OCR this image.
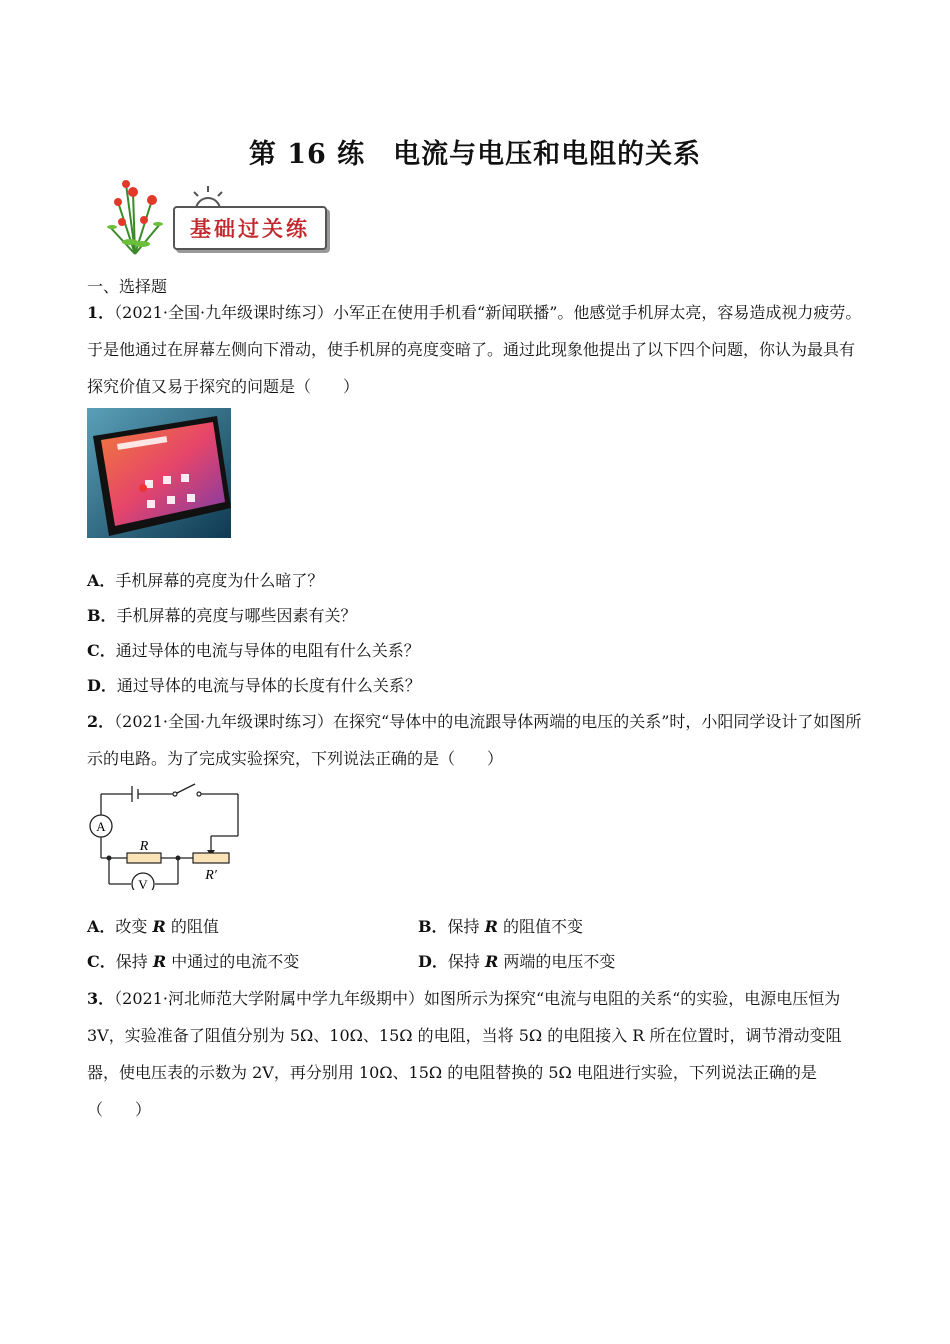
第 16 练　电流与电压和电阻的关系
基础过关练
一、选择题
1．（2021·全国·九年级课时练习）小军正在使用手机看“新闻联播”。他感觉手机屏太亮，容易造成视力疲劳。于是他通过在屏幕左侧向下滑动，使手机屏的亮度变暗了。通过此现象他提出了以下四个问题，你认为最具有探究价值又易于探究的问题是（　　）
A．手机屏幕的亮度为什么暗了？
B．手机屏幕的亮度与哪些因素有关？
C．通过导体的电流与导体的电阻有什么关系？
D．通过导体的电流与导体的长度有什么关系？
2．（2021·全国·九年级课时练习）在探究“导体中的电流跟导体两端的电压的关系”时，小阳同学设计了如图所示的电路。为了完成实验探究，下列说法正确的是（　　）
A
V
R
R′
A．改变 R 的阻值	B．保持 R 的阻值不变
C．保持 R 中通过的电流不变	D．保持 R 两端的电压不变
3．（2021·河北师范大学附属中学九年级期中）如图所示为探究“电流与电阻的关系“的实验，电源电压恒为 3V，实验准备了阻值分别为 5Ω、10Ω、15Ω 的电阻，当将 5Ω 的电阻接入 R 所在位置时，调节滑动变阻器，使电压表的示数为 2V，再分别用 10Ω、15Ω 的电阻替换的 5Ω 电阻进行实验，下列说法正确的是（　　）
